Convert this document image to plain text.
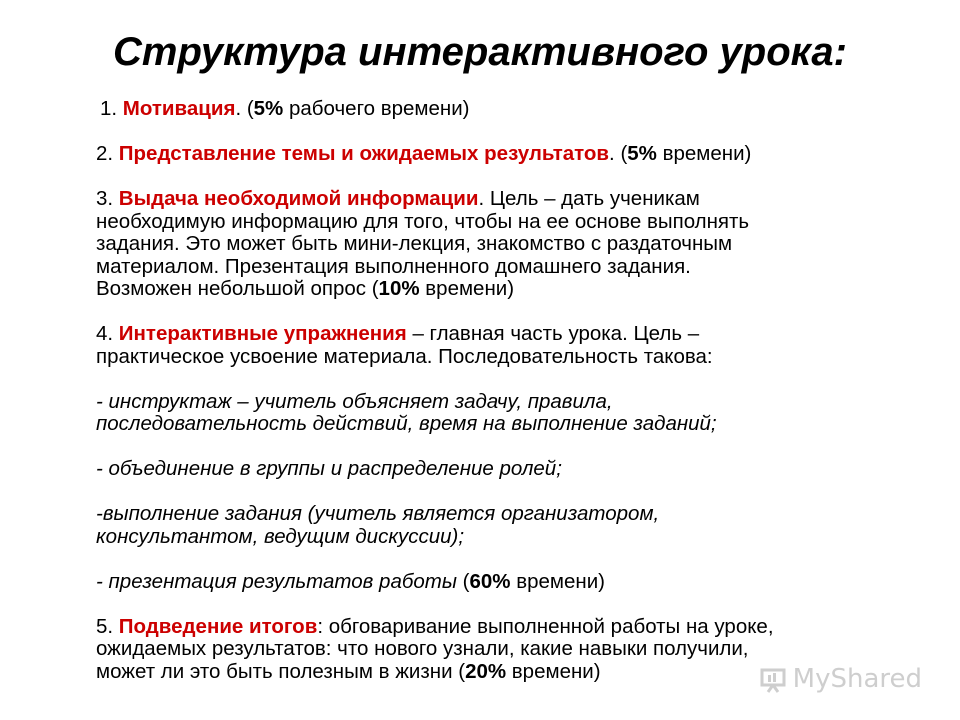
Структура интерактивного урока:
1. Мотивация. (5% рабочего времени)
2. Представление темы и ожидаемых результатов. (5% времени)
3. Выдача необходимой информации. Цель – дать ученикам
необходимую информацию для того, чтобы на ее основе выполнять
задания. Это может быть мини-лекция, знакомство с раздаточным
материалом. Презентация выполненного домашнего задания.
Возможен небольшой опрос (10% времени)
4. Интерактивные упражнения – главная часть урока. Цель –
практическое усвоение материала. Последовательность такова:
- инструктаж – учитель объясняет задачу, правила,
последовательность действий, время на выполнение заданий;
- объединение в группы и распределение ролей;
-выполнение задания (учитель является организатором,
консультантом, ведущим дискуссии);
- презентация результатов работы (60% времени)
5. Подведение итогов: обговаривание выполненной работы на уроке,
ожидаемых результатов: что нового узнали, какие навыки получили,
может ли это быть полезным в жизни (20% времени)	MyShared
